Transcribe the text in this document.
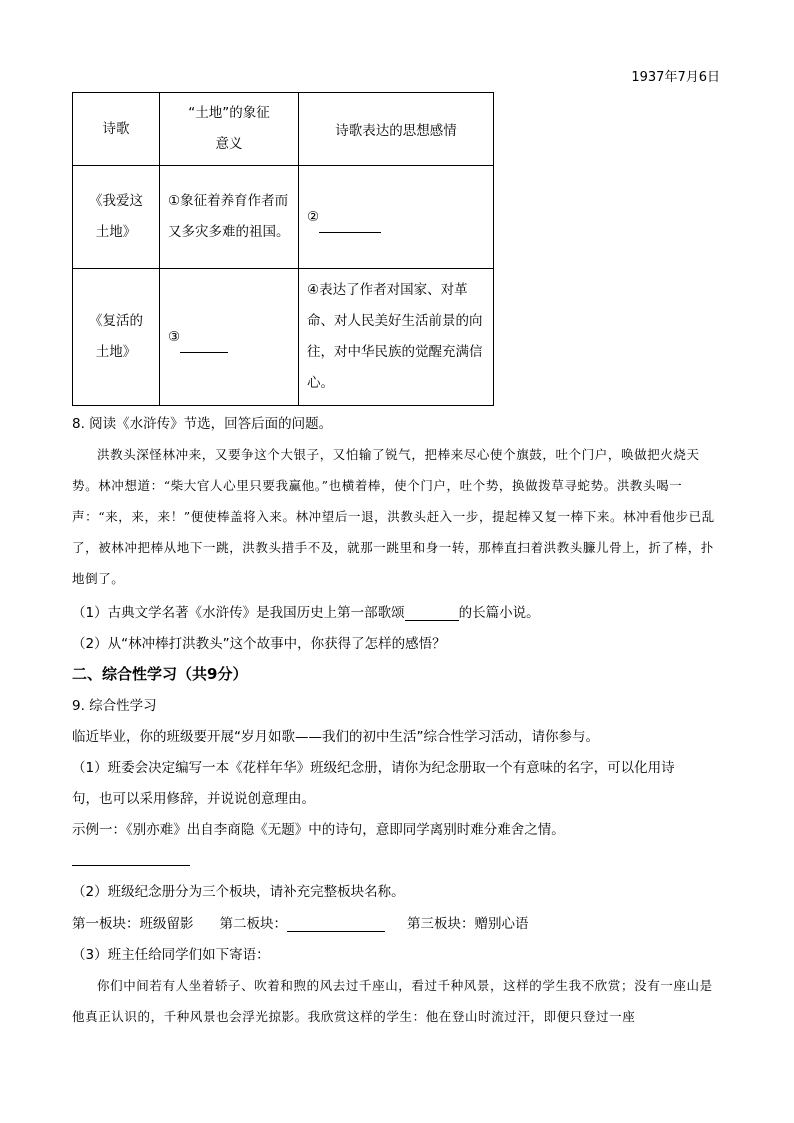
1937年7月6日
诗歌	“土地”的象征意义	诗歌表达的思想感情

《我爱这土地》	①象征着养育作者而又多灾多难的祖国。	②

《复活的土地》	③	④表达了作者对国家、对革命、对人民美好生活前景的向往，对中华民族的觉醒充满信心。
8. 阅读《水浒传》节选，回答后面的问题。
洪教头深怪林冲来，又要争这个大银子，又怕输了锐气，把棒来尽心使个旗鼓，吐个门户，唤做把火烧天势。林冲想道：“柴大官人心里只要我赢他。”也横着棒，使个门户，吐个势，换做拨草寻蛇势。洪教头喝一声：“来，来，来！”便使棒盖将入来。林冲望后一退，洪教头赶入一步，提起棒又复一棒下来。林冲看他步已乱了，被林冲把棒从地下一跳，洪教头措手不及，就那一跳里和身一转，那棒直扫着洪教头臁儿骨上，折了棒，扑地倒了。
（1）古典文学名著《水浒传》是我国历史上第一部歌颂	的长篇小说。
（2）从“林冲棒打洪教头”这个故事中，你获得了怎样的感悟？
二、综合性学习（共9分）
9. 综合性学习
临近毕业，你的班级要开展“岁月如歌——我们的初中生活”综合性学习活动，请你参与。
（1）班委会决定编写一本《花样年华》班级纪念册，请你为纪念册取一个有意味的名字，可以化用诗
句，也可以采用修辞，并说说创意理由。
示例一：《别亦难》出自李商隐《无题》中的诗句，意即同学离别时难分难舍之情。
（2）班级纪念册分为三个板块，请补充完整板块名称。
第一板块：班级留影 第二板块：	第三板块：赠别心语
（3）班主任给同学们如下寄语：
你们中间若有人坐着轿子、吹着和煦的风去过千座山，看过千种风景，这样的学生我不欣赏；没有一座山是他真正认识的，千种风景也会浮光掠影。我欣赏这样的学生：他在登山时流过汗，即便只登过一座
